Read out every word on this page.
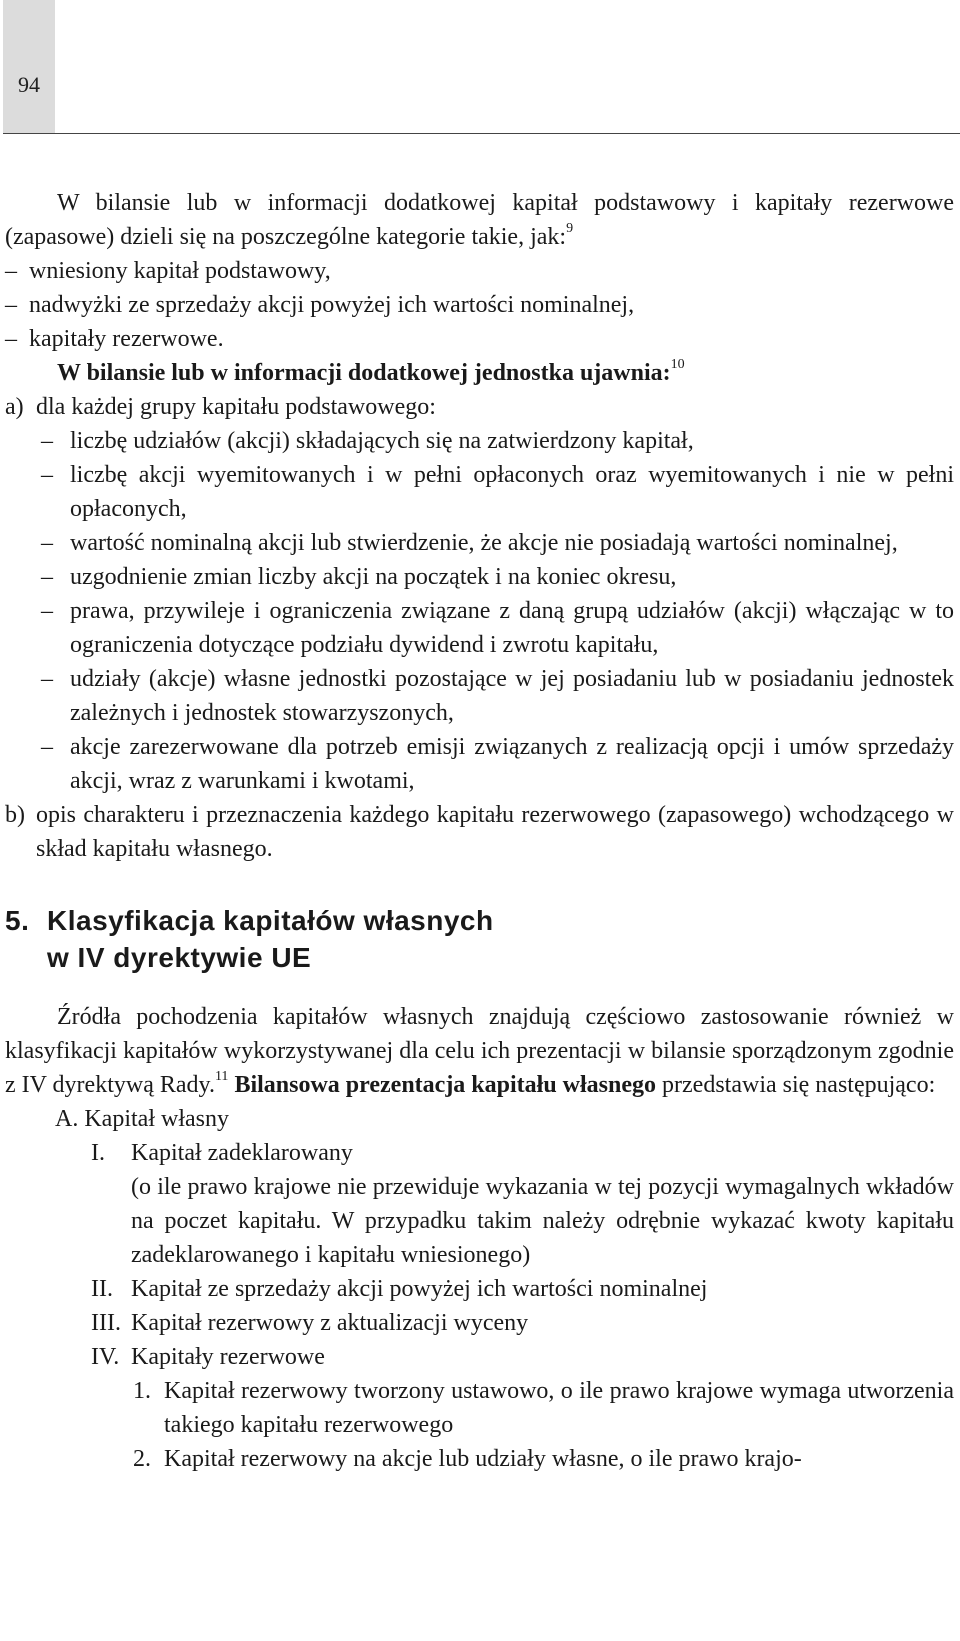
94
W bilansie lub w informacji dodatkowej kapitał podstawowy i kapitały rezerwowe (zapasowe) dzieli się na poszczególne kategorie takie, jak:$^9$
– wniesiony kapitał podstawowy,
– nadwyżki ze sprzedaży akcji powyżej ich wartości nominalnej,
– kapitały rezerwowe.
W bilansie lub w informacji dodatkowej jednostka ujawnia:$^{10}$
a) dla każdej grupy kapitału podstawowego:
– liczbę udziałów (akcji) składających się na zatwierdzony kapitał,
– liczbę akcji wyemitowanych i w pełni opłaconych oraz wyemitowanych i nie w pełni opłaconych,
– wartość nominalną akcji lub stwierdzenie, że akcje nie posiadają wartości nominalnej,
– uzgodnienie zmian liczby akcji na początek i na koniec okresu,
– prawa, przywileje i ograniczenia związane z daną grupą udziałów (akcji) włączając w to ograniczenia dotyczące podziału dywidend i zwrotu kapitału,
– udziały (akcje) własne jednostki pozostające w jej posiadaniu lub w posiadaniu jednostek zależnych i jednostek stowarzyszonych,
– akcje zarezerwowane dla potrzeb emisji związanych z realizacją opcji i umów sprzedaży akcji, wraz z warunkami i kwotami,
b) opis charakteru i przeznaczenia każdego kapitału rezerwowego (zapasowego) wchodzącego w skład kapitału własnego.
5. Klasyfikacja kapitałów własnych
w IV dyrektywie UE
Źródła pochodzenia kapitałów własnych znajdują częściowo zastosowanie również w klasyfikacji kapitałów wykorzystywanej dla celu ich prezentacji w bilansie sporządzonym zgodnie z IV dyrektywą Rady.$^{11}$ Bilansowa prezentacja kapitału własnego przedstawia się następująco:
A. Kapitał własny
I. Kapitał zadeklarowany
(o ile prawo krajowe nie przewiduje wykazania w tej pozycji wymagalnych wkładów na poczet kapitału. W przypadku takim należy odrębnie wykazać kwoty kapitału zadeklarowanego i kapitału wniesionego)
II. Kapitał ze sprzedaży akcji powyżej ich wartości nominalnej
III. Kapitał rezerwowy z aktualizacji wyceny
IV. Kapitały rezerwowe
1. Kapitał rezerwowy tworzony ustawowo, o ile prawo krajowe wymaga utworzenia takiego kapitału rezerwowego
2. Kapitał rezerwowy na akcje lub udziały własne, o ile prawo krajo-
